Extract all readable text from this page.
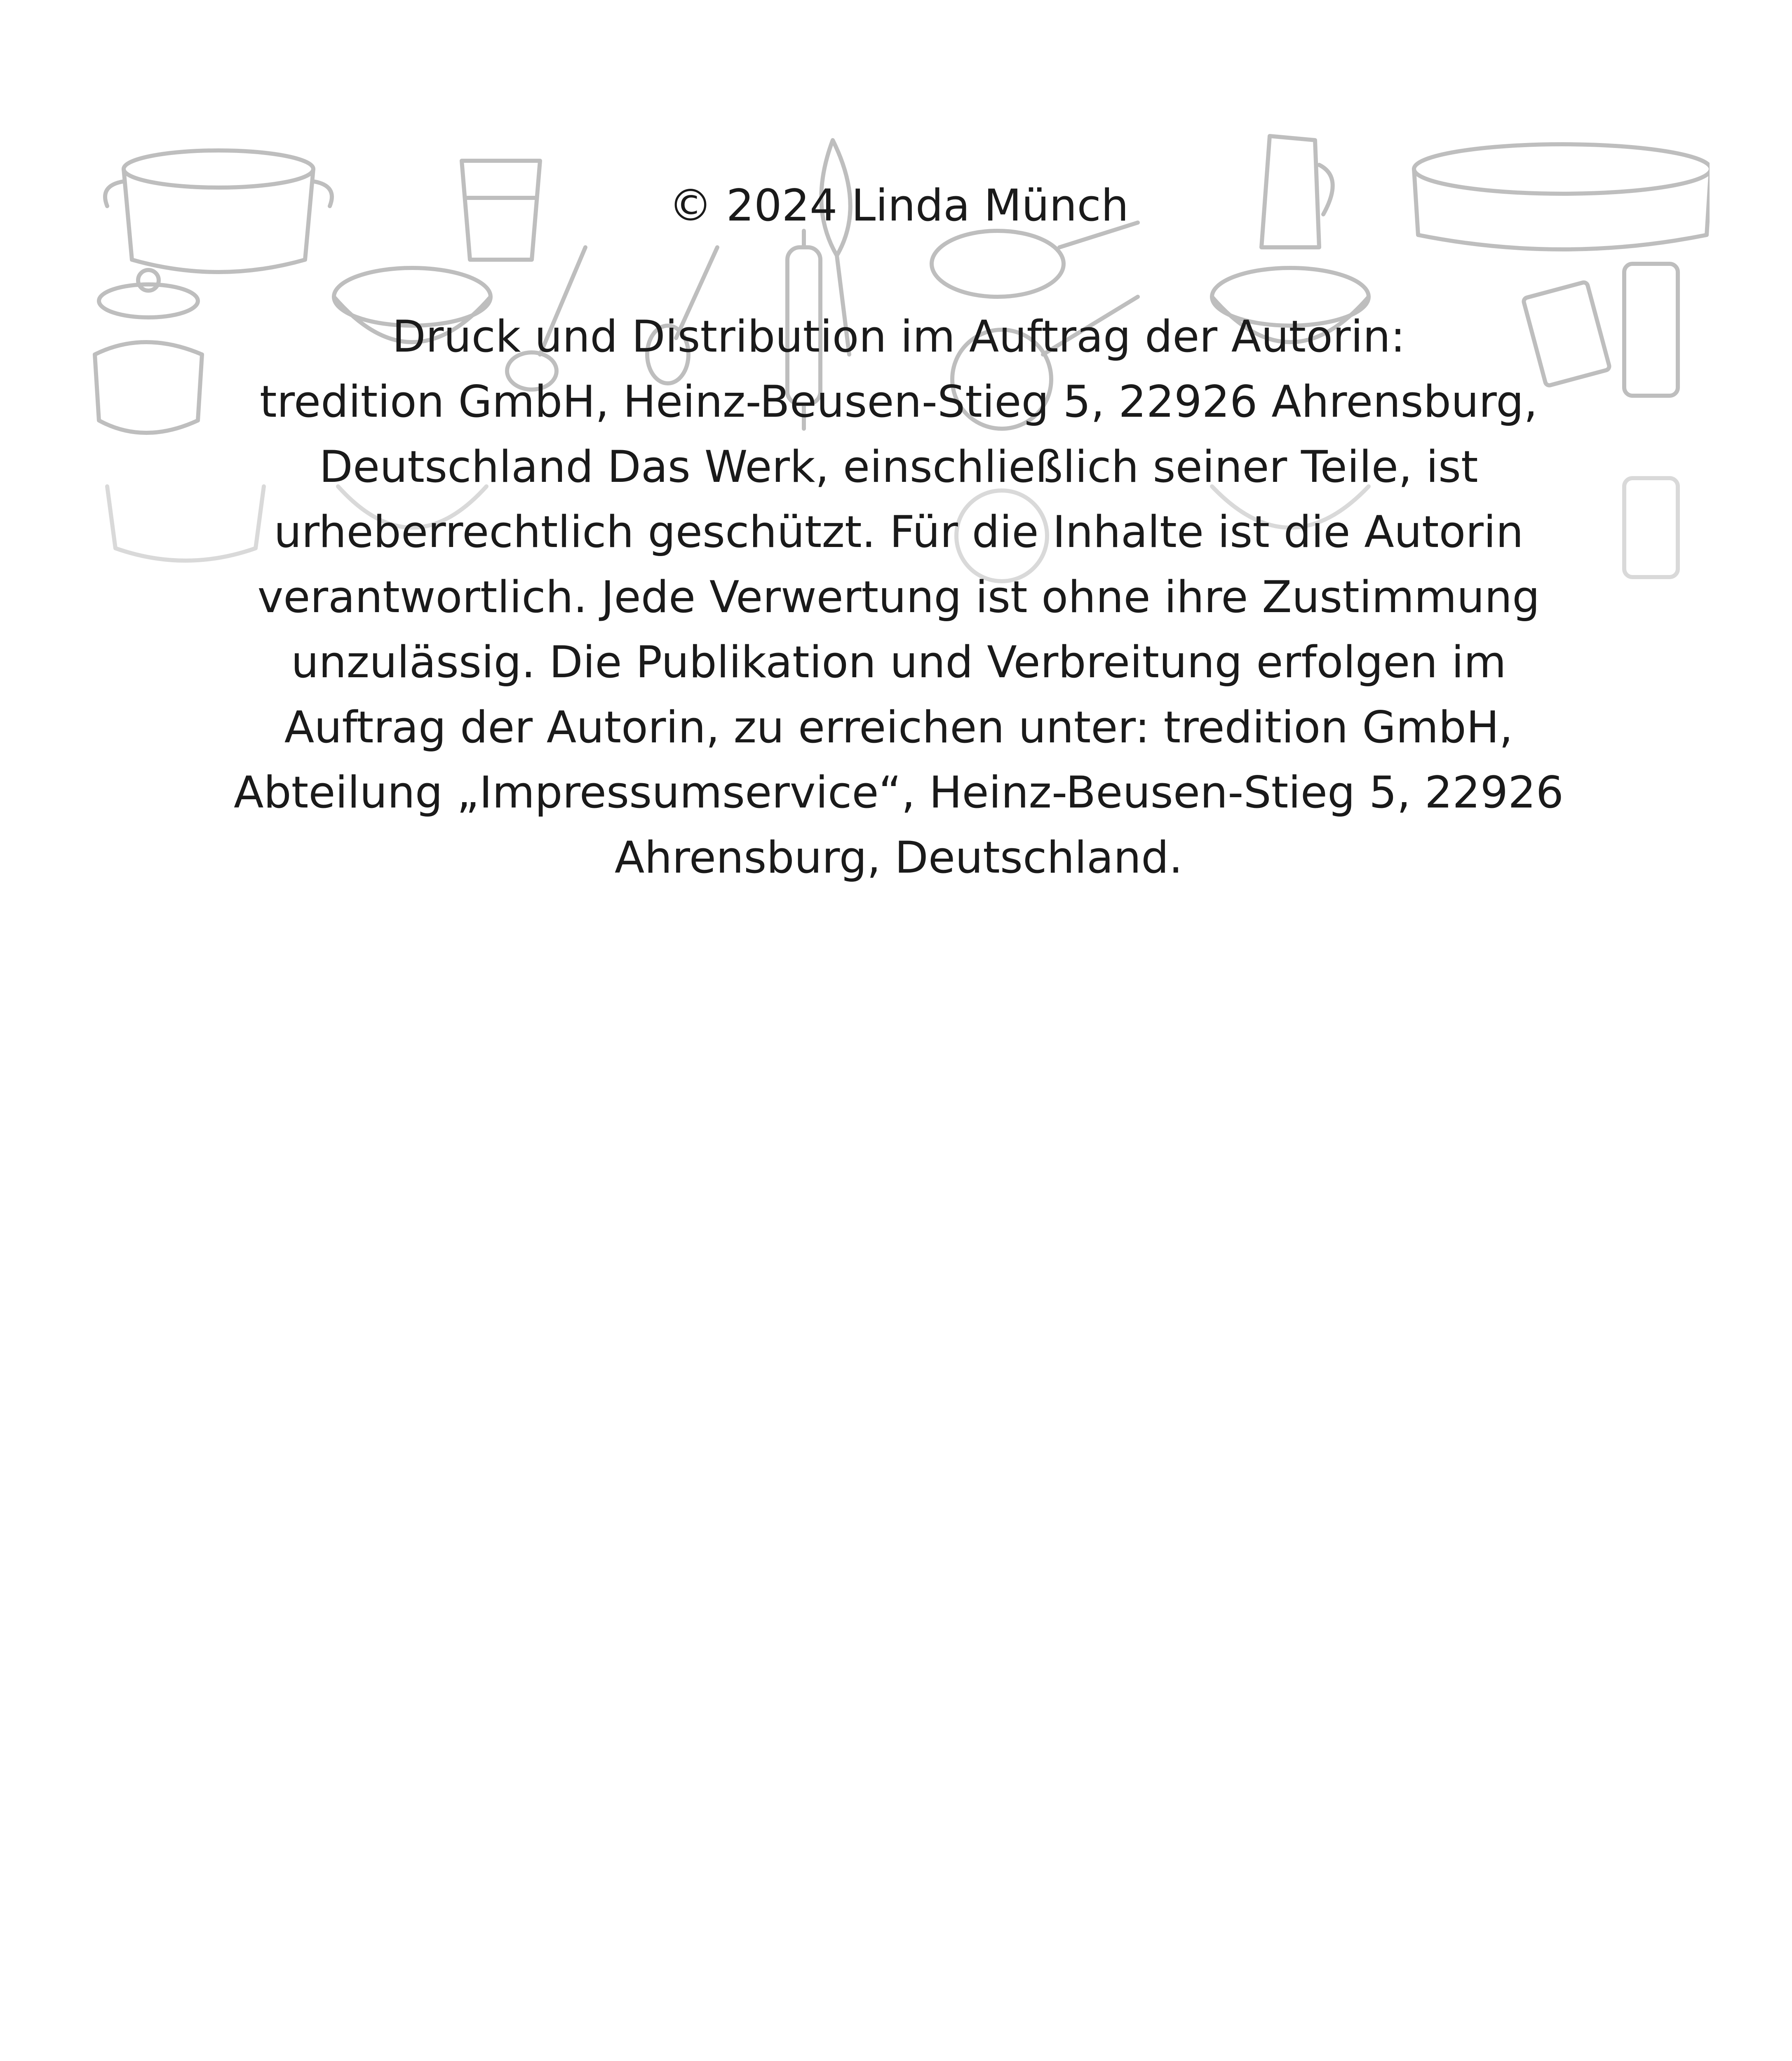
© 2024 Linda Münch

Druck und Distribution im Auftrag der Autorin:
tredition GmbH, Heinz-Beusen-Stieg 5, 22926 Ahrensburg,
Deutschland Das Werk, einschließlich seiner Teile, ist
urheberrechtlich geschützt. Für die Inhalte ist die Autorin
verantwortlich. Jede Verwertung ist ohne ihre Zustimmung
unzulässig. Die Publikation und Verbreitung erfolgen im
Auftrag der Autorin, zu erreichen unter: tredition GmbH,
Abteilung „Impressumservice“, Heinz-Beusen-Stieg 5, 22926
Ahrensburg, Deutschland.
